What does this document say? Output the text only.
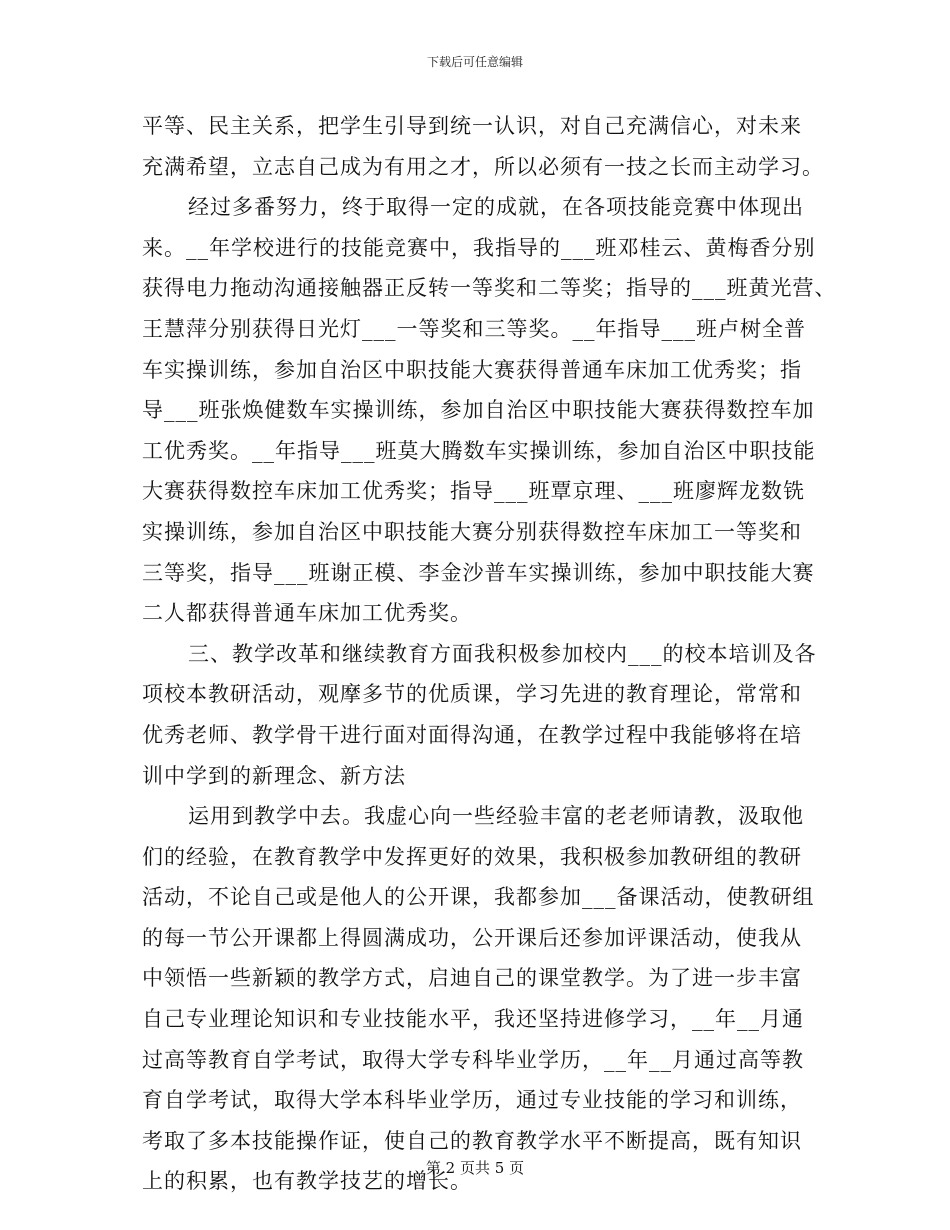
下载后可任意编辑
平等、民主关系，把学生引导到统一认识，对自己充满信心，对未来
充满希望，立志自己成为有用之才，所以必须有一技之长而主动学习。
经过多番努力，终于取得一定的成就，在各项技能竞赛中体现出
来。__年学校进行的技能竞赛中，我指导的___班邓桂云、黄梅香分别
获得电力拖动沟通接触器正反转一等奖和二等奖；指导的___班黄光营、
王慧萍分别获得日光灯___一等奖和三等奖。__年指导___班卢树全普
车实操训练，参加自治区中职技能大赛获得普通车床加工优秀奖；指
导___班张焕健数车实操训练，参加自治区中职技能大赛获得数控车加
工优秀奖。__年指导___班莫大腾数车实操训练，参加自治区中职技能
大赛获得数控车床加工优秀奖；指导___班覃京理、___班廖辉龙数铣
实操训练，参加自治区中职技能大赛分别获得数控车床加工一等奖和
三等奖，指导___班谢正模、李金沙普车实操训练，参加中职技能大赛
二人都获得普通车床加工优秀奖。
三、教学改革和继续教育方面我积极参加校内___的校本培训及各
项校本教研活动，观摩多节的优质课，学习先进的教育理论，常常和
优秀老师、教学骨干进行面对面得沟通，在教学过程中我能够将在培
训中学到的新理念、新方法
运用到教学中去。我虚心向一些经验丰富的老老师请教，汲取他
们的经验，在教育教学中发挥更好的效果，我积极参加教研组的教研
活动，不论自己或是他人的公开课，我都参加___备课活动，使教研组
的每一节公开课都上得圆满成功，公开课后还参加评课活动，使我从
中领悟一些新颖的教学方式，启迪自己的课堂教学。为了进一步丰富
自己专业理论知识和专业技能水平，我还坚持进修学习，__年__月通
过高等教育自学考试，取得大学专科毕业学历，__年__月通过高等教
育自学考试，取得大学本科毕业学历，通过专业技能的学习和训练，
考取了多本技能操作证，使自己的教育教学水平不断提高，既有知识
上的积累，也有教学技艺的增长。
第 2 页共 5 页
